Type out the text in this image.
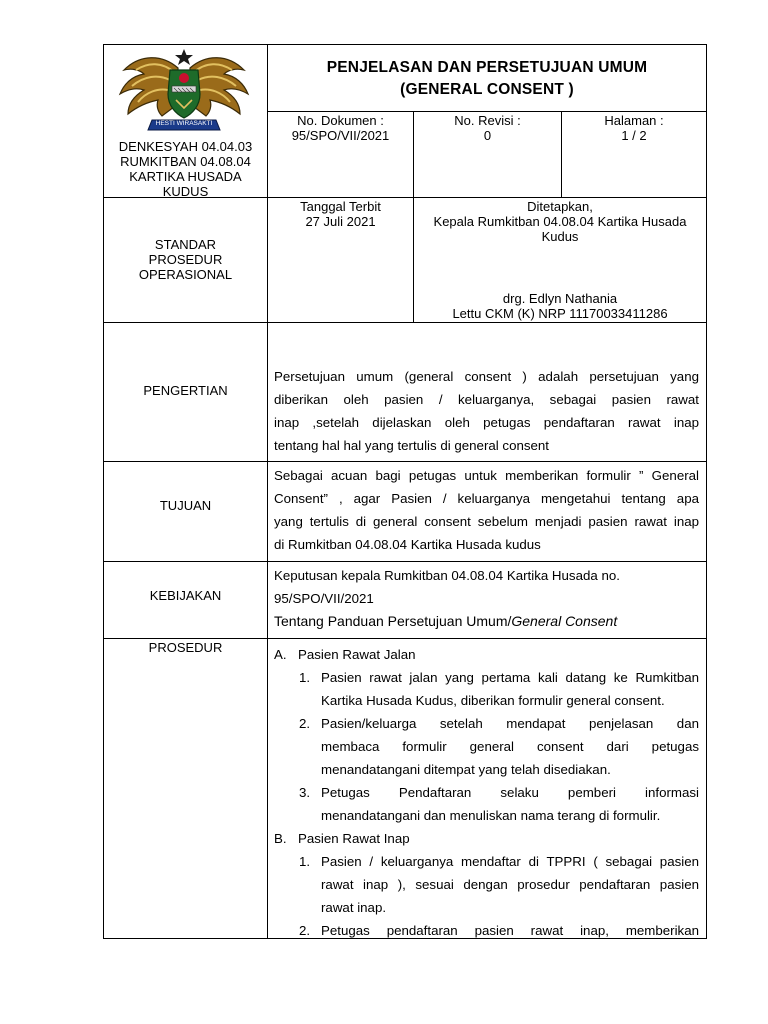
HESTI WIRASAKTI
DENKESYAH 04.04.03
RUMKITBAN 04.08.04
KARTIKA HUSADA
KUDUS
PENJELASAN DAN PERSETUJUAN UMUM
(GENERAL CONSENT )
No. Dokumen :
95/SPO/VII/2021
No. Revisi :
0
Halaman :
1 / 2
STANDAR
PROSEDUR
OPERASIONAL
Tanggal Terbit
27 Juli 2021
Ditetapkan,
Kepala Rumkitban 04.08.04 Kartika Husada
Kudus
drg. Edlyn Nathania
Lettu CKM (K) NRP 11170033411286
PENGERTIAN
Persetujuan umum (general consent ) adalah persetujuan yang
diberikan oleh pasien / keluarganya, sebagai pasien rawat
inap ,setelah dijelaskan oleh petugas pendaftaran rawat inap
tentang hal hal yang tertulis di general consent
TUJUAN
Sebagai acuan bagi petugas untuk memberikan formulir ” General
Consent” , agar Pasien / keluarganya mengetahui tentang apa
yang tertulis di general consent sebelum menjadi pasien rawat inap
di Rumkitban 04.08.04 Kartika Husada kudus
KEBIJAKAN
Keputusan kepala Rumkitban 04.08.04 Kartika Husada no.
95/SPO/VII/2021
Tentang Panduan Persetujuan Umum/General Consent
PROSEDUR	A. Pasien Rawat Jalan
1. Pasien rawat jalan yang pertama kali datang ke Rumkitban
Kartika Husada Kudus, diberikan formulir general consent.
2. Pasien/keluarga setelah mendapat penjelasan dan
membaca formulir general consent dari petugas
menandatangani ditempat yang telah disediakan.
3. Petugas Pendaftaran selaku pemberi informasi
menandatangani dan menuliskan nama terang di formulir.
B. Pasien Rawat Inap
1. Pasien / keluarganya mendaftar di TPPRI ( sebagai pasien
rawat inap ), sesuai dengan prosedur pendaftaran pasien
rawat inap.
2. Petugas pendaftaran pasien rawat inap, memberikan
